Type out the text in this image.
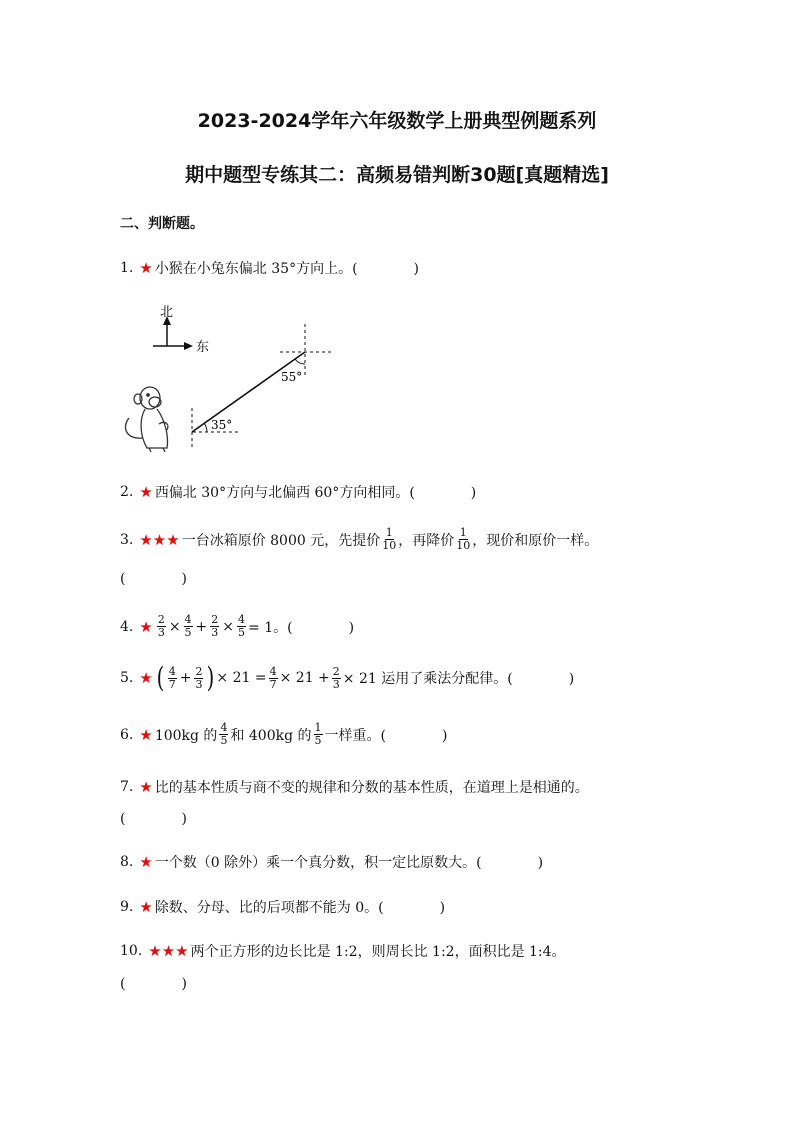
2023-2024学年六年级数学上册典型例题系列
期中题型专练其二：高频易错判断30题[真题精选]
二、判断题。
1. ★ 小猴在小兔东偏北 35°方向上。(　　　　)
北
东
35°
55°
2. ★ 西偏北 30°方向与北偏西 60°方向相同。(　　　　)
3. ★★★ 一台冰箱原价 8000 元，先提价 $\frac{1}{10}$ ，再降价 $\frac{1}{10}$ ，现价和原价一样。
(　　　　)
4. ★ $\frac{2}{3} \times \frac{4}{5} + \frac{2}{3} \times \frac{4}{5} = 1$。(　　　　)
5. ★ ( $\frac{4}{7} + \frac{2}{3}$ ) × $21 = \frac{4}{7} \times 21 + \frac{2}{3} \times 21$ 运用了乘法分配律。(　　　　)
6. ★ 100kg 的 $\frac{4}{5}$ 和 400kg 的 $\frac{1}{5}$ 一样重。(　　　　)
7. ★ 比的基本性质与商不变的规律和分数的基本性质，在道理上是相通的。
(　　　　)
8. ★ 一个数（0 除外）乘一个真分数，积一定比原数大。(　　　　)
9. ★ 除数、分母、比的后项都不能为 0。(　　　　)
10. ★★★ 两个正方形的边长比是 1:2，则周长比 1:2，面积比是 1:4。
(　　　　)
